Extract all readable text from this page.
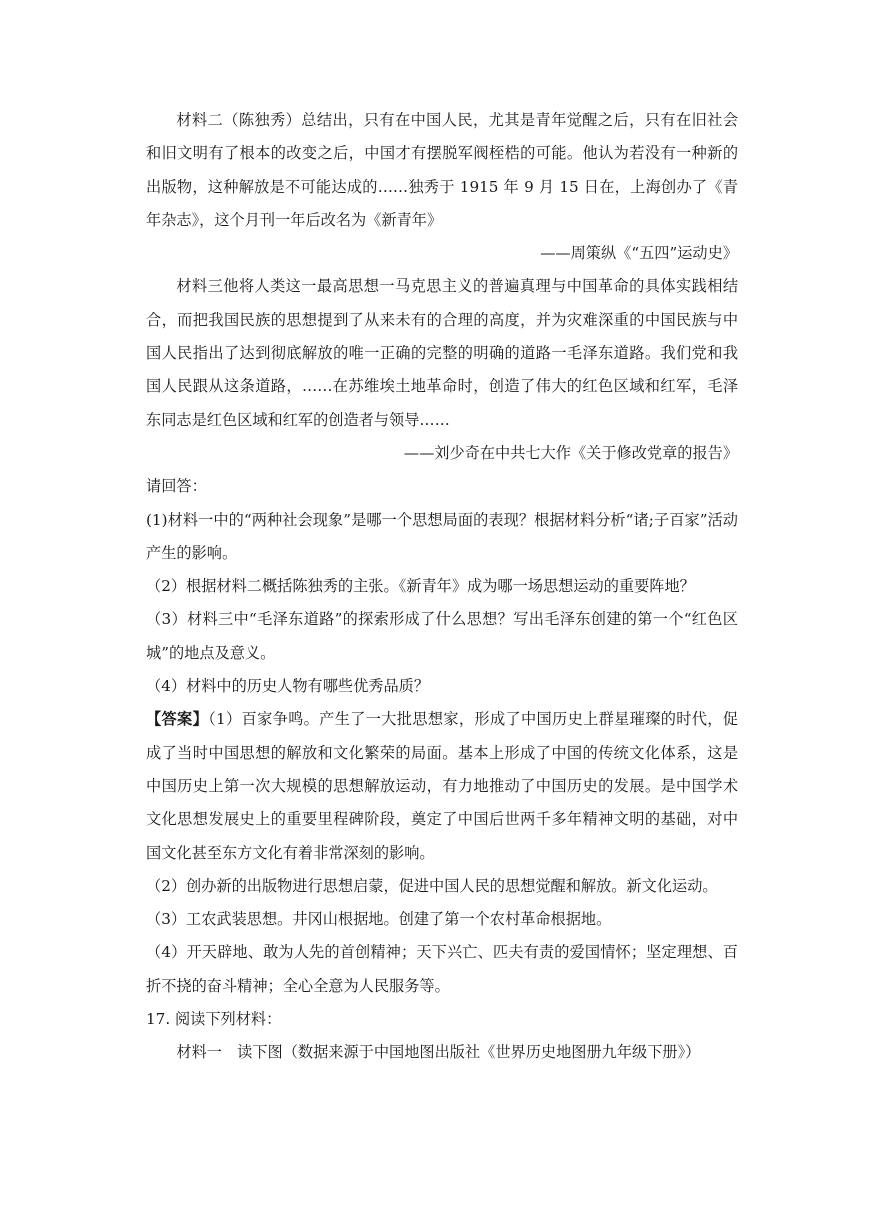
材料二（陈独秀）总结出，只有在中国人民，尤其是青年觉醒之后，只有在旧社会和旧文明有了根本的改变之后，中国才有摆脱军阀桎梏的可能。他认为若没有一种新的出版物，这种解放是不可能达成的……独秀于 1915 年 9 月 15 日在，上海创办了《青年杂志》，这个月刊一年后改名为《新青年》

——周策纵《“五四”运动史》

材料三他将人类这一最高思想一马克思主义的普遍真理与中国革命的具体实践相结合，而把我国民族的思想提到了从来未有的合理的高度，并为灾难深重的中国民族与中国人民指出了达到彻底解放的唯一正确的完整的明确的道路一毛泽东道路。我们党和我国人民跟从这条道路，……在苏维埃土地革命时，创造了伟大的红色区域和红军，毛泽东同志是红色区域和红军的创造者与领导……

——刘少奇在中共七大作《关于修改党章的报告》

请回答：

(1)材料一中的“两种社会现象”是哪一个思想局面的表现？根据材料分析“诸;子百家”活动产生的影响。

（2）根据材料二概括陈独秀的主张。《新青年》成为哪一场思想运动的重要阵地？

（3）材料三中“毛泽东道路”的探索形成了什么思想？写出毛泽东创建的第一个“红色区城”的地点及意义。

（4）材料中的历史人物有哪些优秀品质？

【答案】（1）百家争鸣。产生了一大批思想家，形成了中国历史上群星璀璨的时代，促成了当时中国思想的解放和文化繁荣的局面。基本上形成了中国的传统文化体系，这是中国历史上第一次大规模的思想解放运动，有力地推动了中国历史的发展。是中国学术文化思想发展史上的重要里程碑阶段，奠定了中国后世两千多年精神文明的基础，对中国文化甚至东方文化有着非常深刻的影响。

（2）创办新的出版物进行思想启蒙，促进中国人民的思想觉醒和解放。新文化运动。

（3）工农武装思想。井冈山根据地。创建了第一个农村革命根据地。

（4）开天辟地、敢为人先的首创精神；天下兴亡、匹夫有责的爱国情怀；坚定理想、百折不挠的奋斗精神；全心全意为人民服务等。

17. 阅读下列材料：

材料一　读下图（数据来源于中国地图出版社《世界历史地图册九年级下册》）
